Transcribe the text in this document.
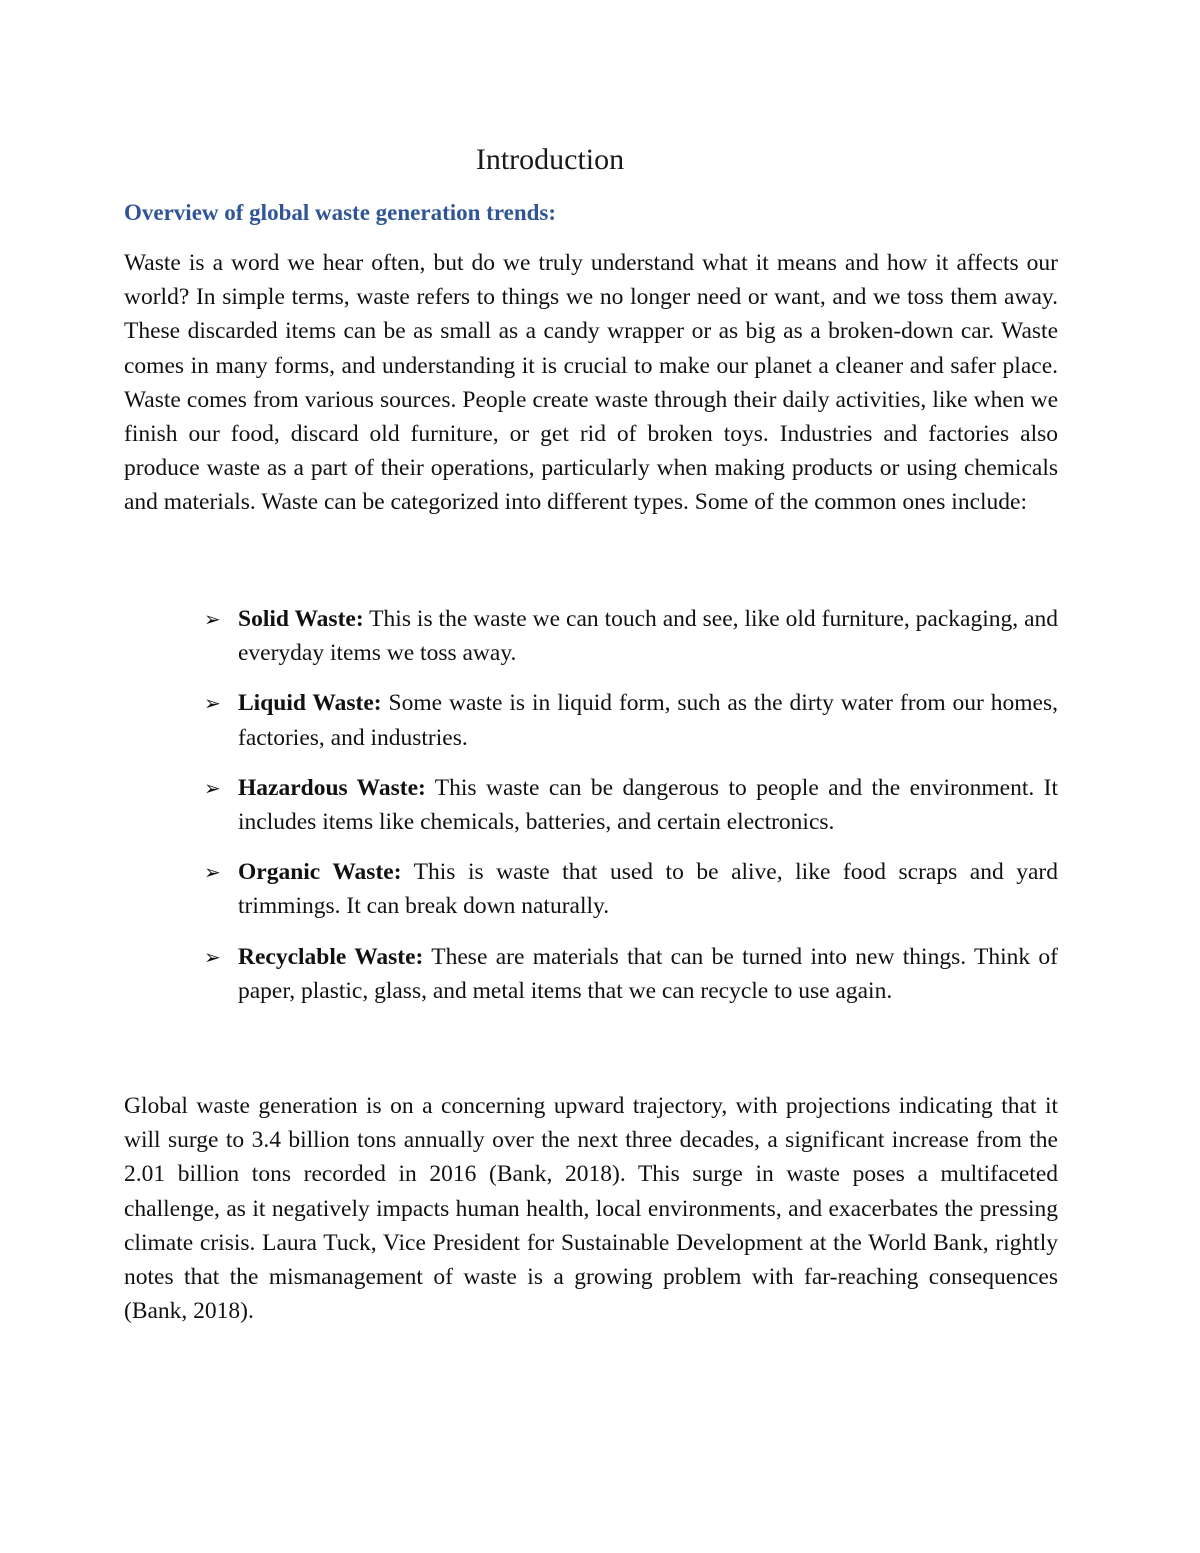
Introduction
Overview of global waste generation trends:

Waste is a word we hear often, but do we truly understand what it means and how it affects our world? In simple terms, waste refers to things we no longer need or want, and we toss them away. These discarded items can be as small as a candy wrapper or as big as a broken-down car. Waste comes in many forms, and understanding it is crucial to make our planet a cleaner and safer place. Waste comes from various sources. People create waste through their daily activities, like when we finish our food, discard old furniture, or get rid of broken toys. Industries and factories also produce waste as a part of their operations, particularly when making products or using chemicals and materials. Waste can be categorized into different types. Some of the common ones include:

➢ Solid Waste: This is the waste we can touch and see, like old furniture, packaging, and everyday items we toss away.
➢ Liquid Waste: Some waste is in liquid form, such as the dirty water from our homes, factories, and industries.
➢ Hazardous Waste: This waste can be dangerous to people and the environment. It includes items like chemicals, batteries, and certain electronics.
➢ Organic Waste: This is waste that used to be alive, like food scraps and yard trimmings. It can break down naturally.
➢ Recyclable Waste: These are materials that can be turned into new things. Think of paper, plastic, glass, and metal items that we can recycle to use again.

Global waste generation is on a concerning upward trajectory, with projections indicating that it will surge to 3.4 billion tons annually over the next three decades, a significant increase from the 2.01 billion tons recorded in 2016 (Bank, 2018). This surge in waste poses a multifaceted challenge, as it negatively impacts human health, local environments, and exacerbates the pressing climate crisis. Laura Tuck, Vice President for Sustainable Development at the World Bank, rightly notes that the mismanagement of waste is a growing problem with far-reaching consequences (Bank, 2018).
